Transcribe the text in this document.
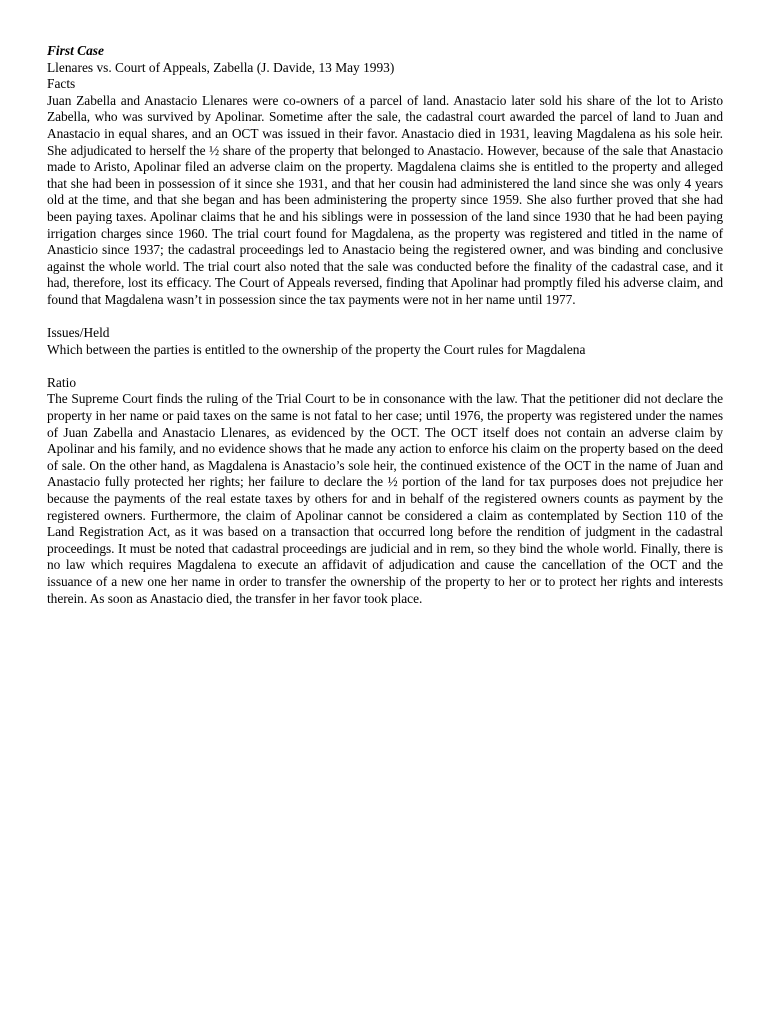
First Case

Llenares vs. Court of Appeals, Zabella (J. Davide, 13 May 1993)

Facts

Juan Zabella and Anastacio Llenares were co-owners of a parcel of land. Anastacio later sold his share of the lot to Aristo Zabella, who was survived by Apolinar. Sometime after the sale, the cadastral court awarded the parcel of land to Juan and Anastacio in equal shares, and an OCT was issued in their favor. Anastacio died in 1931, leaving Magdalena as his sole heir. She adjudicated to herself the ½ share of the property that belonged to Anastacio. However, because of the sale that Anastacio made to Aristo, Apolinar filed an adverse claim on the property. Magdalena claims she is entitled to the property and alleged that she had been in possession of it since she 1931, and that her cousin had administered the land since she was only 4 years old at the time, and that she began and has been administering the property since 1959. She also further proved that she had been paying taxes. Apolinar claims that he and his siblings were in possession of the land since 1930 that he had been paying irrigation charges since 1960. The trial court found for Magdalena, as the property was registered and titled in the name of Anasticio since 1937; the cadastral proceedings led to Anastacio being the registered owner, and was binding and conclusive against the whole world. The trial court also noted that the sale was conducted before the finality of the cadastral case, and it had, therefore, lost its efficacy. The Court of Appeals reversed, finding that Apolinar had promptly filed his adverse claim, and found that Magdalena wasn’t in possession since the tax payments were not in her name until 1977.

Issues/Held

Which between the parties is entitled to the ownership of the property the Court rules for Magdalena

Ratio

The Supreme Court finds the ruling of the Trial Court to be in consonance with the law. That the petitioner did not declare the property in her name or paid taxes on the same is not fatal to her case; until 1976, the property was registered under the names of Juan Zabella and Anastacio Llenares, as evidenced by the OCT. The OCT itself does not contain an adverse claim by Apolinar and his family, and no evidence shows that he made any action to enforce his claim on the property based on the deed of sale. On the other hand, as Magdalena is Anastacio’s sole heir, the continued existence of the OCT in the name of Juan and Anastacio fully protected her rights; her failure to declare the ½ portion of the land for tax purposes does not prejudice her because the payments of the real estate taxes by others for and in behalf of the registered owners counts as payment by the registered owners. Furthermore, the claim of Apolinar cannot be considered a claim as contemplated by Section 110 of the Land Registration Act, as it was based on a transaction that occurred long before the rendition of judgment in the cadastral proceedings. It must be noted that cadastral proceedings are judicial and in rem, so they bind the whole world. Finally, there is no law which requires Magdalena to execute an affidavit of adjudication and cause the cancellation of the OCT and the issuance of a new one her name in order to transfer the ownership of the property to her or to protect her rights and interests therein. As soon as Anastacio died, the transfer in her favor took place.
